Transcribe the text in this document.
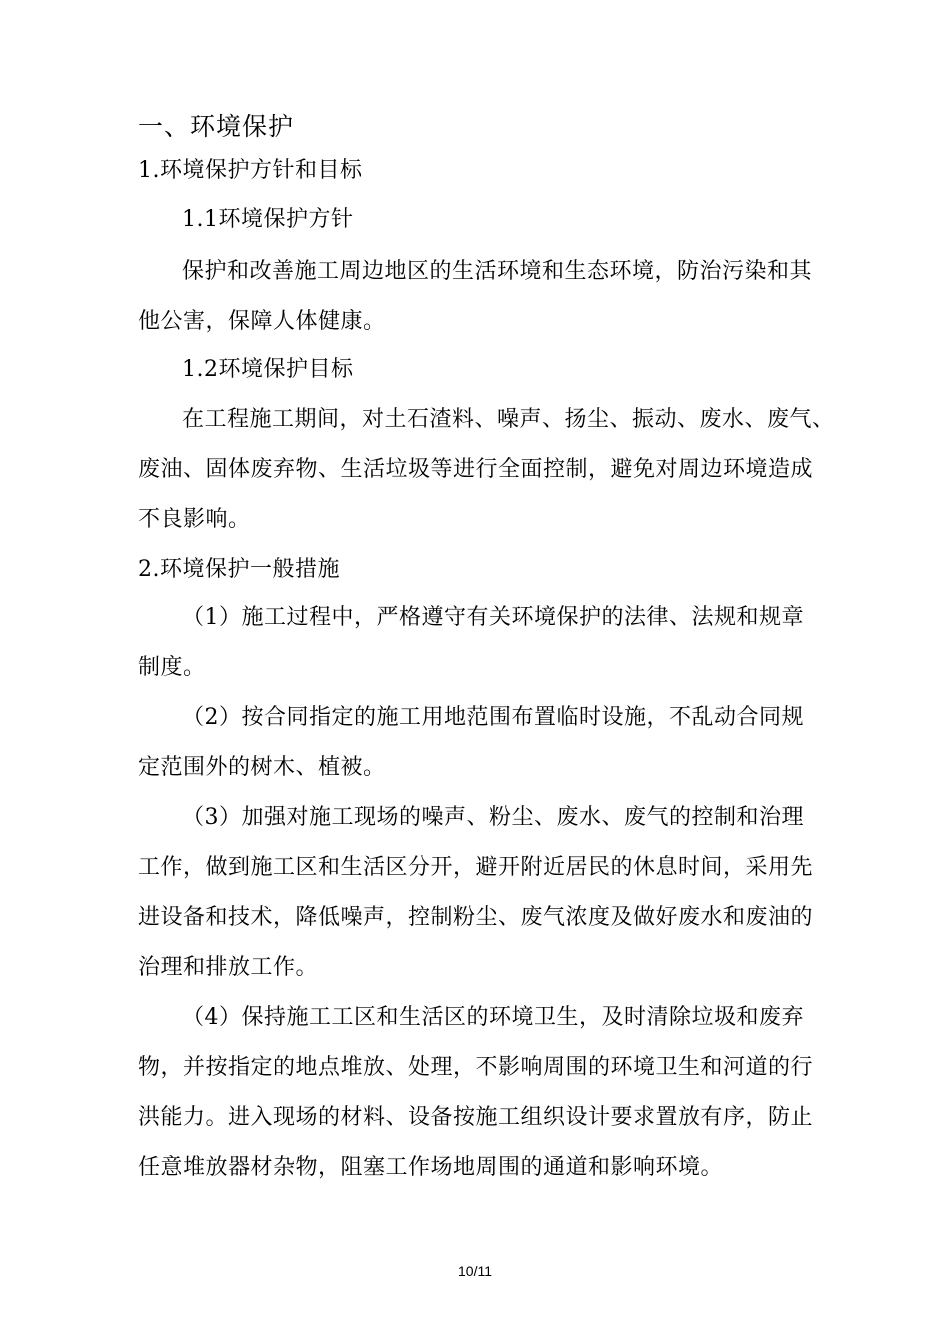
一、环境保护
1.环境保护方针和目标
1.1环境保护方针
保护和改善施工周边地区的生活环境和生态环境，防治污染和其
他公害，保障人体健康。
1.2环境保护目标
在工程施工期间，对土石渣料、噪声、扬尘、振动、废水、废气、
废油、固体废弃物、生活垃圾等进行全面控制，避免对周边环境造成
不良影响。
2.环境保护一般措施
（1）施工过程中，严格遵守有关环境保护的法律、法规和规章
制度。
（2）按合同指定的施工用地范围布置临时设施，不乱动合同规
定范围外的树木、植被。
（3）加强对施工现场的噪声、粉尘、废水、废气的控制和治理
工作，做到施工区和生活区分开，避开附近居民的休息时间，采用先
进设备和技术，降低噪声，控制粉尘、废气浓度及做好废水和废油的
治理和排放工作。
（4）保持施工工区和生活区的环境卫生，及时清除垃圾和废弃
物，并按指定的地点堆放、处理，不影响周围的环境卫生和河道的行
洪能力。进入现场的材料、设备按施工组织设计要求置放有序，防止
任意堆放器材杂物，阻塞工作场地周围的通道和影响环境。
10/11
